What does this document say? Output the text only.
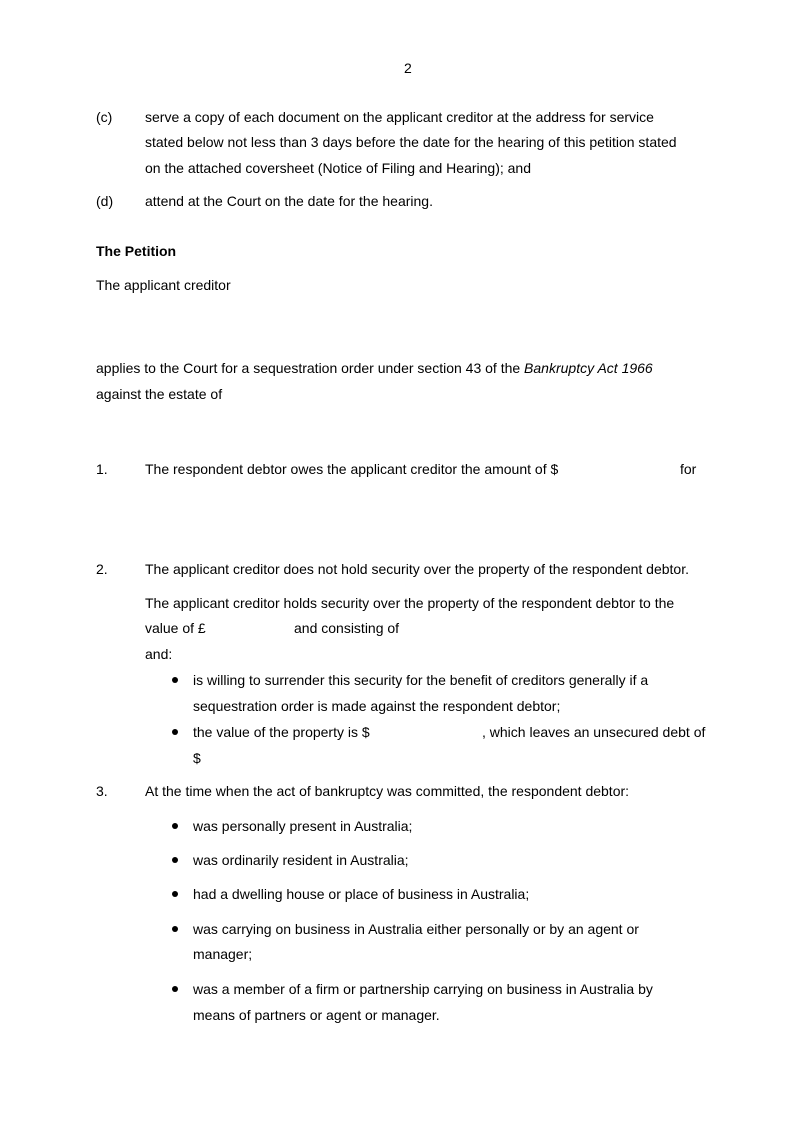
2
(c) serve a copy of each document on the applicant creditor at the address for service
stated below not less than 3 days before the date for the hearing of this petition stated
on the attached coversheet (Notice of Filing and Hearing); and
(d) attend at the Court on the date for the hearing.
The Petition
The applicant creditor
applies to the Court for a sequestration order under section 43 of the Bankruptcy Act 1966
against the estate of
1.	The respondent debtor owes the applicant creditor the amount of $	for
2.	The applicant creditor does not hold security over the property of the respondent debtor.
The applicant creditor holds security over the property of the respondent debtor to the
value of £	and consisting of
and:
is willing to surrender this security for the benefit of creditors generally if a
sequestration order is made against the respondent debtor;
the value of the property is $	, which leaves an unsecured debt of
$
3.	At the time when the act of bankruptcy was committed, the respondent debtor:
was personally present in Australia;
was ordinarily resident in Australia;
had a dwelling house or place of business in Australia;
was carrying on business in Australia either personally or by an agent or
manager;
was a member of a firm or partnership carrying on business in Australia by
means of partners or agent or manager.
